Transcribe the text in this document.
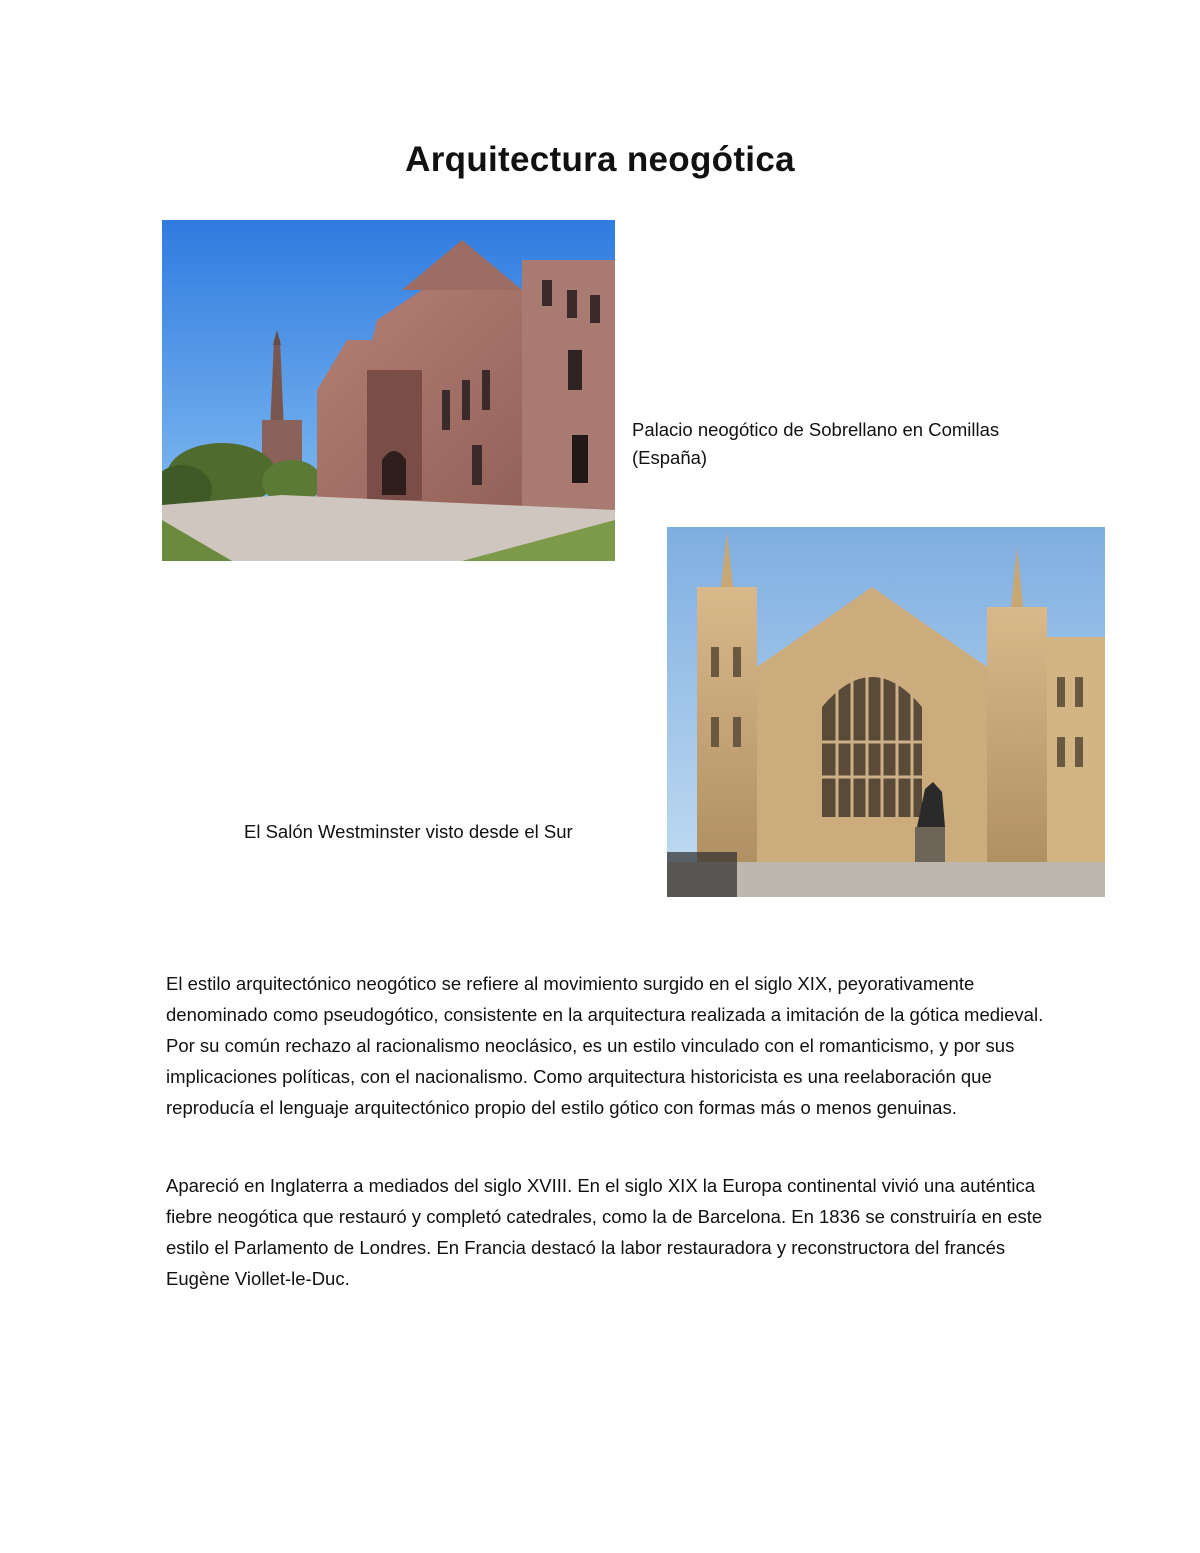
Arquitectura neogótica
Palacio neogótico de Sobrellano en Comillas
(España)
El Salón Westminster visto desde el Sur

El estilo arquitectónico neogótico se refiere al movimiento surgido en el siglo XIX, peyorativamente denominado como pseudogótico, consistente en la arquitectura realizada a imitación de la gótica medieval. Por su común rechazo al racionalismo neoclásico, es un estilo vinculado con el romanticismo, y por sus implicaciones políticas, con el nacionalismo. Como arquitectura historicista es una reelaboración que reproducía el lenguaje arquitectónico propio del estilo gótico con formas más o menos genuinas.

Apareció en Inglaterra a mediados del siglo XVIII. En el siglo XIX la Europa continental vivió una auténtica fiebre neogótica que restauró y completó catedrales, como la de Barcelona. En 1836 se construiría en este estilo el Parlamento de Londres. En Francia destacó la labor restauradora y reconstructora del francés Eugène Viollet-le-Duc.
